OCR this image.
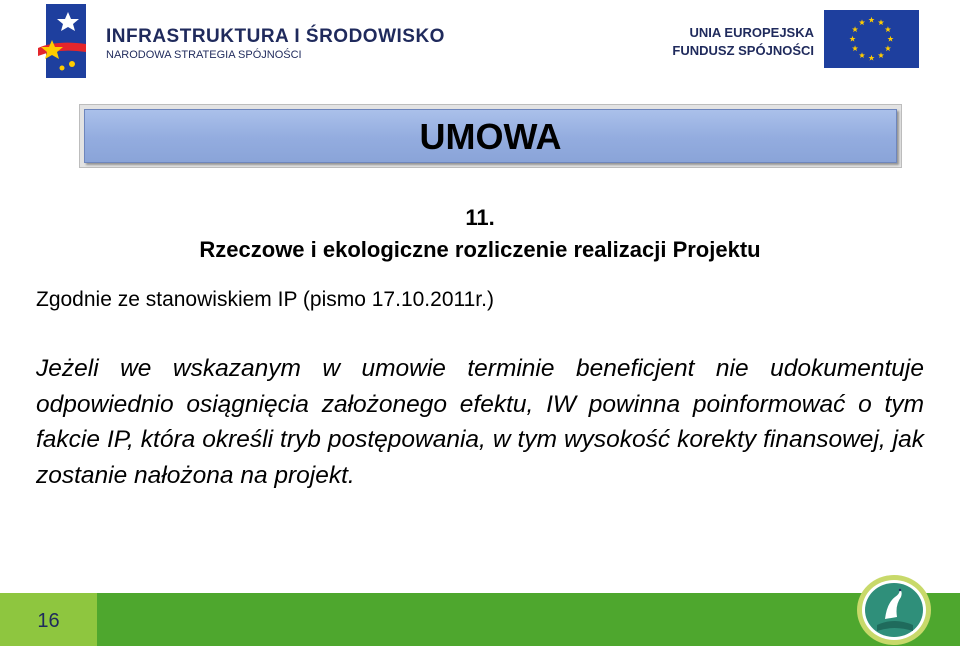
INFRASTRUKTURA I ŚRODOWISKO
NARODOWA STRATEGIA SPÓJNOŚCI
UNIA EUROPEJSKA
FUNDUSZ SPÓJNOŚCI
UMOWA
11.
Rzeczowe i ekologiczne rozliczenie realizacji Projektu
Zgodnie ze stanowiskiem IP (pismo 17.10.2011r.)
Jeżeli we wskazanym w umowie terminie beneficjent nie udokumentuje odpowiednio osiągnięcia założonego efektu, IW powinna poinformować o tym fakcie IP, która określi tryb postępowania, w tym wysokość korekty finansowej, jak zostanie nałożona na projekt.
16
